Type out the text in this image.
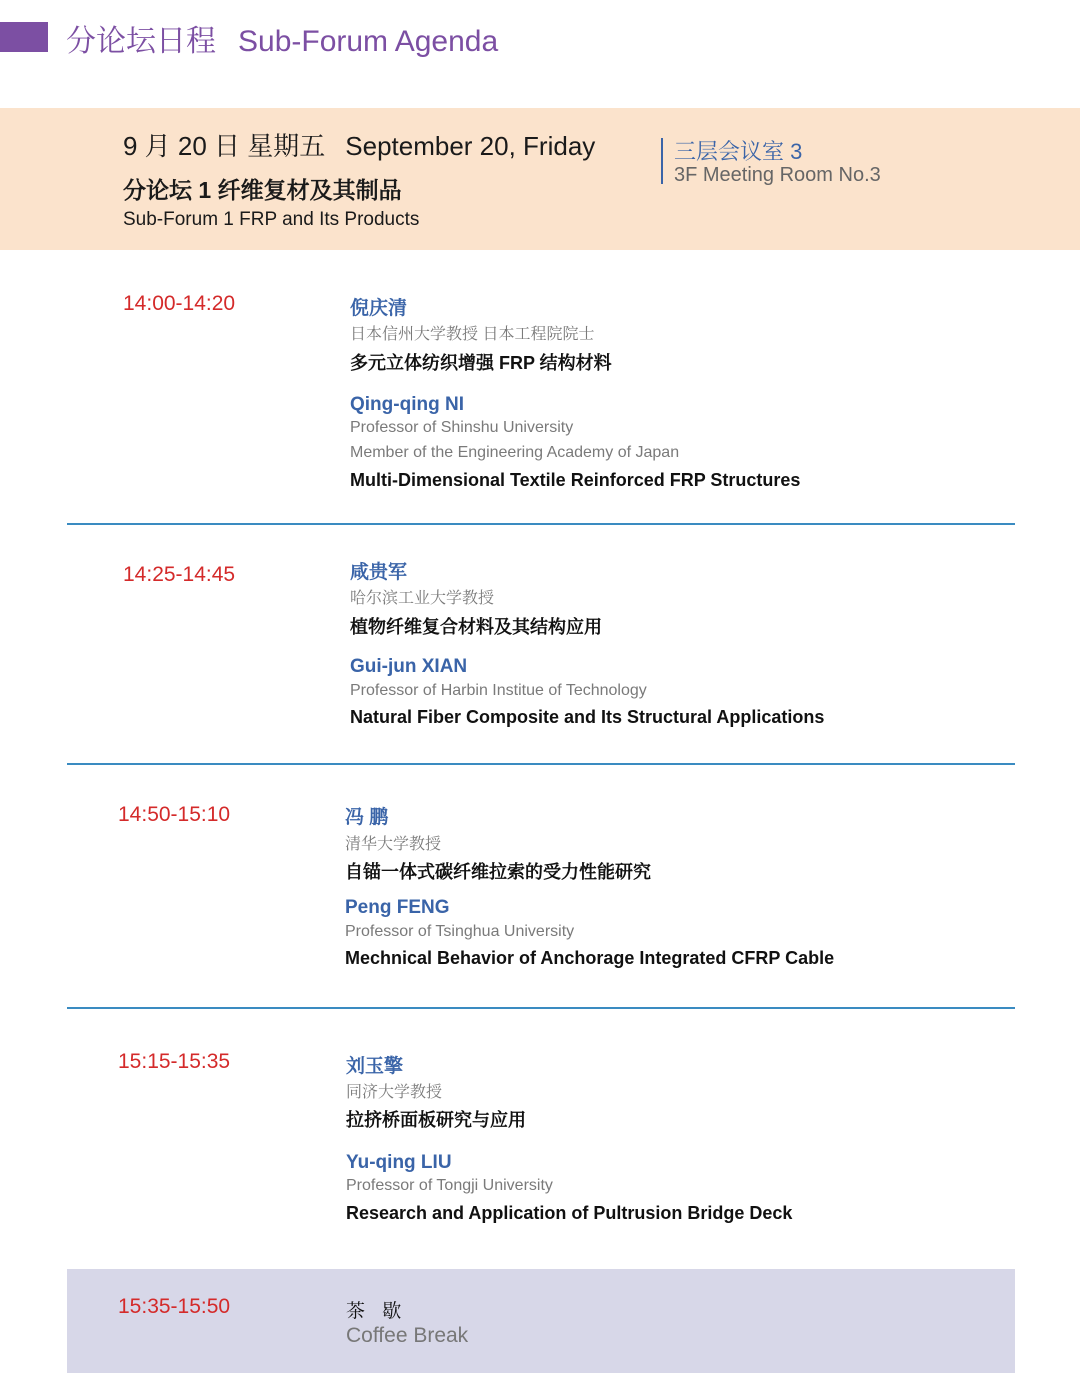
分论坛日程 Sub-Forum Agenda
9 月 20 日 星期五 September 20, Friday
分论坛 1 纤维复材及其制品
Sub-Forum 1 FRP and Its Products
三层会议室 3
3F Meeting Room No.3
14:00-14:20	倪庆清
日本信州大学教授 日本工程院院士
多元立体纺织增强 FRP 结构材料
Qing-qing NI
Professor of Shinshu University
Member of the Engineering Academy of Japan
Multi-Dimensional Textile Reinforced FRP Structures
14:25-14:45	咸贵军
哈尔滨工业大学教授
植物纤维复合材料及其结构应用
Gui-jun XIAN
Professor of Harbin Institue of Technology
Natural Fiber Composite and Its Structural Applications
14:50-15:10	冯 鹏
清华大学教授
自锚一体式碳纤维拉索的受力性能研究
Peng FENG
Professor of Tsinghua University
Mechnical Behavior of Anchorage Integrated CFRP Cable
15:15-15:35	刘玉擎
同济大学教授
拉挤桥面板研究与应用
Yu-qing LIU
Professor of Tongji University
Research and Application of Pultrusion Bridge Deck
15:35-15:50	茶 歇
Coffee Break
